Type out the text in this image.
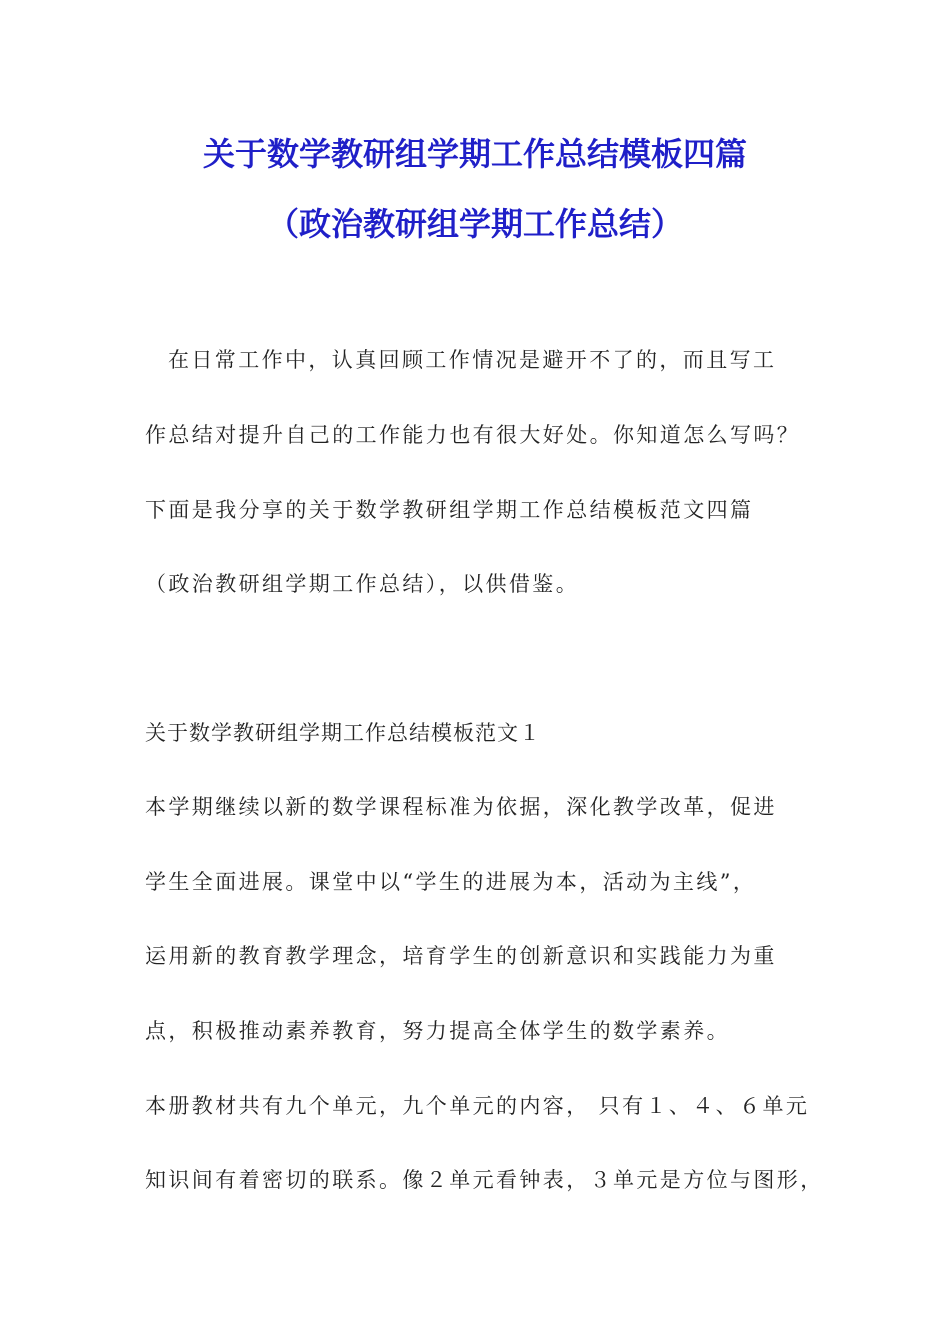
关于数学教研组学期工作总结模板四篇
（政治教研组学期工作总结）
在日常工作中，认真回顾工作情况是避开不了的，而且写工
作总结对提升自己的工作能力也有很大好处。你知道怎么写吗？
下面是我分享的关于数学教研组学期工作总结模板范文四篇
（政治教研组学期工作总结），以供借鉴。
关于数学教研组学期工作总结模板范文１
本学期继续以新的数学课程标准为依据，深化教学改革，促进
学生全面进展。课堂中以“学生的进展为本，活动为主线”，
运用新的教育教学理念，培育学生的创新意识和实践能力为重
点，积极推动素养教育，努力提高全体学生的数学素养。
本册教材共有九个单元，九个单元的内容， 只有１、４、６单元
知识间有着密切的联系。像２单元看钟表，３单元是方位与图形，
